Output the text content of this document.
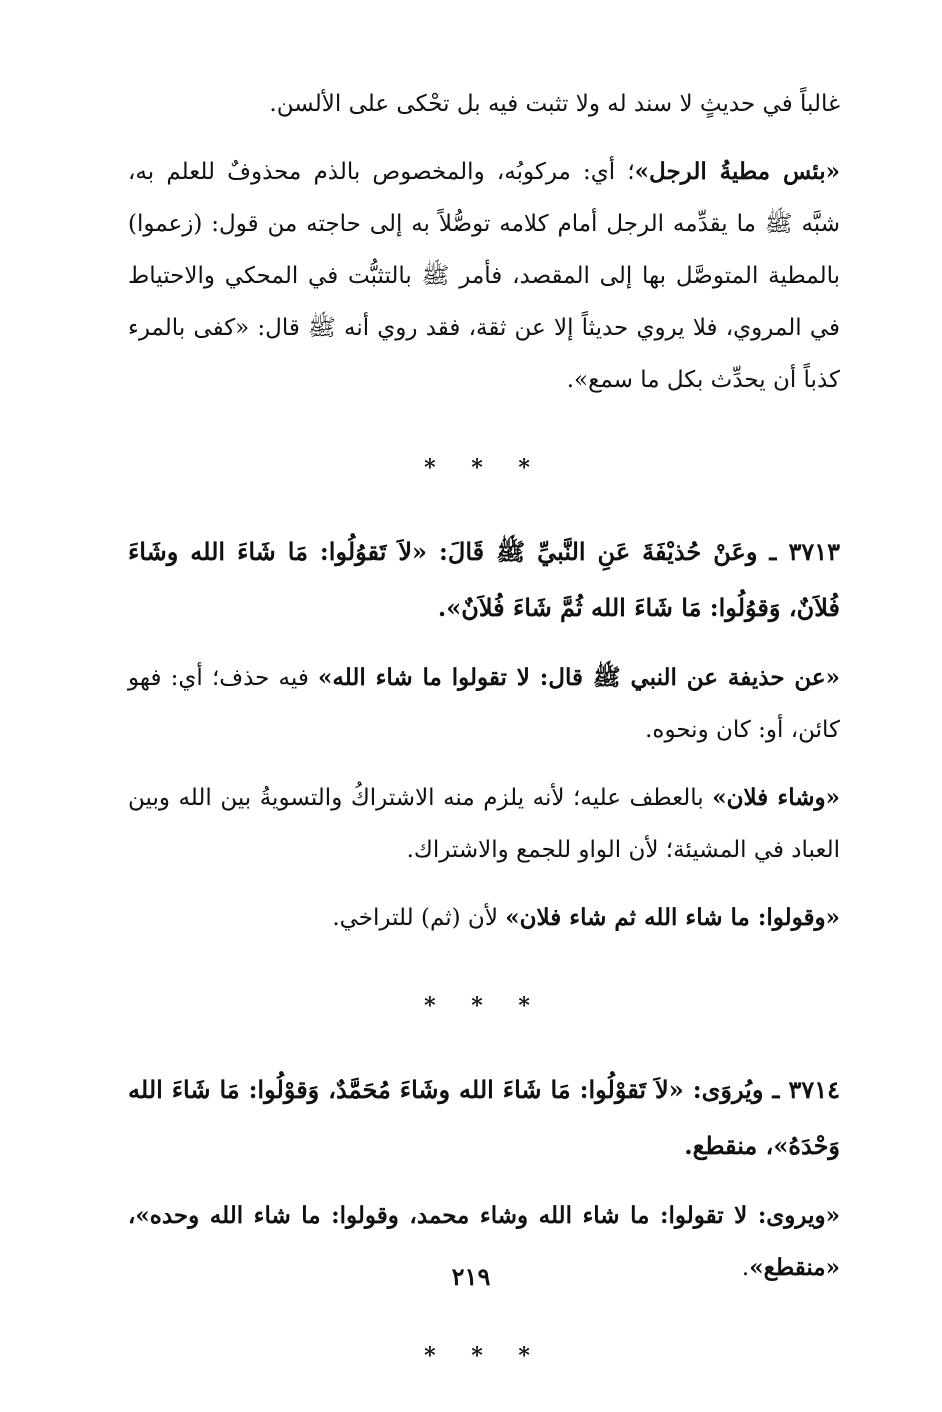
غالباً في حديثٍ لا سند له ولا تثبت فيه بل تحْكى على الألسن.

«بئس مطيةُ الرجل»؛ أي: مركوبُه، والمخصوص بالذم محذوفٌ للعلم به، شبَّه ﷺ ما يقدِّمه الرجل أمام كلامه توصُّلاً به إلى حاجته من قول: (زعموا) بالمطية المتوصَّل بها إلى المقصد، فأمر ﷺ بالتثبُّت في المحكي والاحتياط في المروي، فلا يروي حديثاً إلا عن ثقة، فقد روي أنه ﷺ قال: «كفى بالمرء كذباً أن يحدِّث بكل ما سمع».

* * *

٣٧١٣ ـ وعَنْ حُذيْفَةَ عَنِ النَّبيِّ ﷺ قَالَ: «لاَ تَقوُلُوا: مَا شَاءَ الله وشَاءَ فُلاَنٌ، وَقوُلُوا: مَا شَاءَ الله ثُمَّ شَاءَ فُلاَنٌ».

«عن حذيفة عن النبي ﷺ قال: لا تقولوا ما شاء الله» فيه حذف؛ أي: فهو كائن، أو: كان ونحوه.

«وشاء فلان» بالعطف عليه؛ لأنه يلزم منه الاشتراكُ والتسويةُ بين الله وبين العباد في المشيئة؛ لأن الواو للجمع والاشتراك.

«وقولوا: ما شاء الله ثم شاء فلان» لأن (ثم) للتراخي.

* * *

٣٧١٤ ـ ويُروَى: «لاَ تَقوْلُوا: مَا شَاءَ الله وشَاءَ مُحَمَّدٌ، وَقوْلُوا: مَا شَاءَ الله وَحْدَهُ»، منقطع.

«ويروى: لا تقولوا: ما شاء الله وشاء محمد، وقولوا: ما شاء الله وحده»، «منقطع».

* * *
٢١٩
